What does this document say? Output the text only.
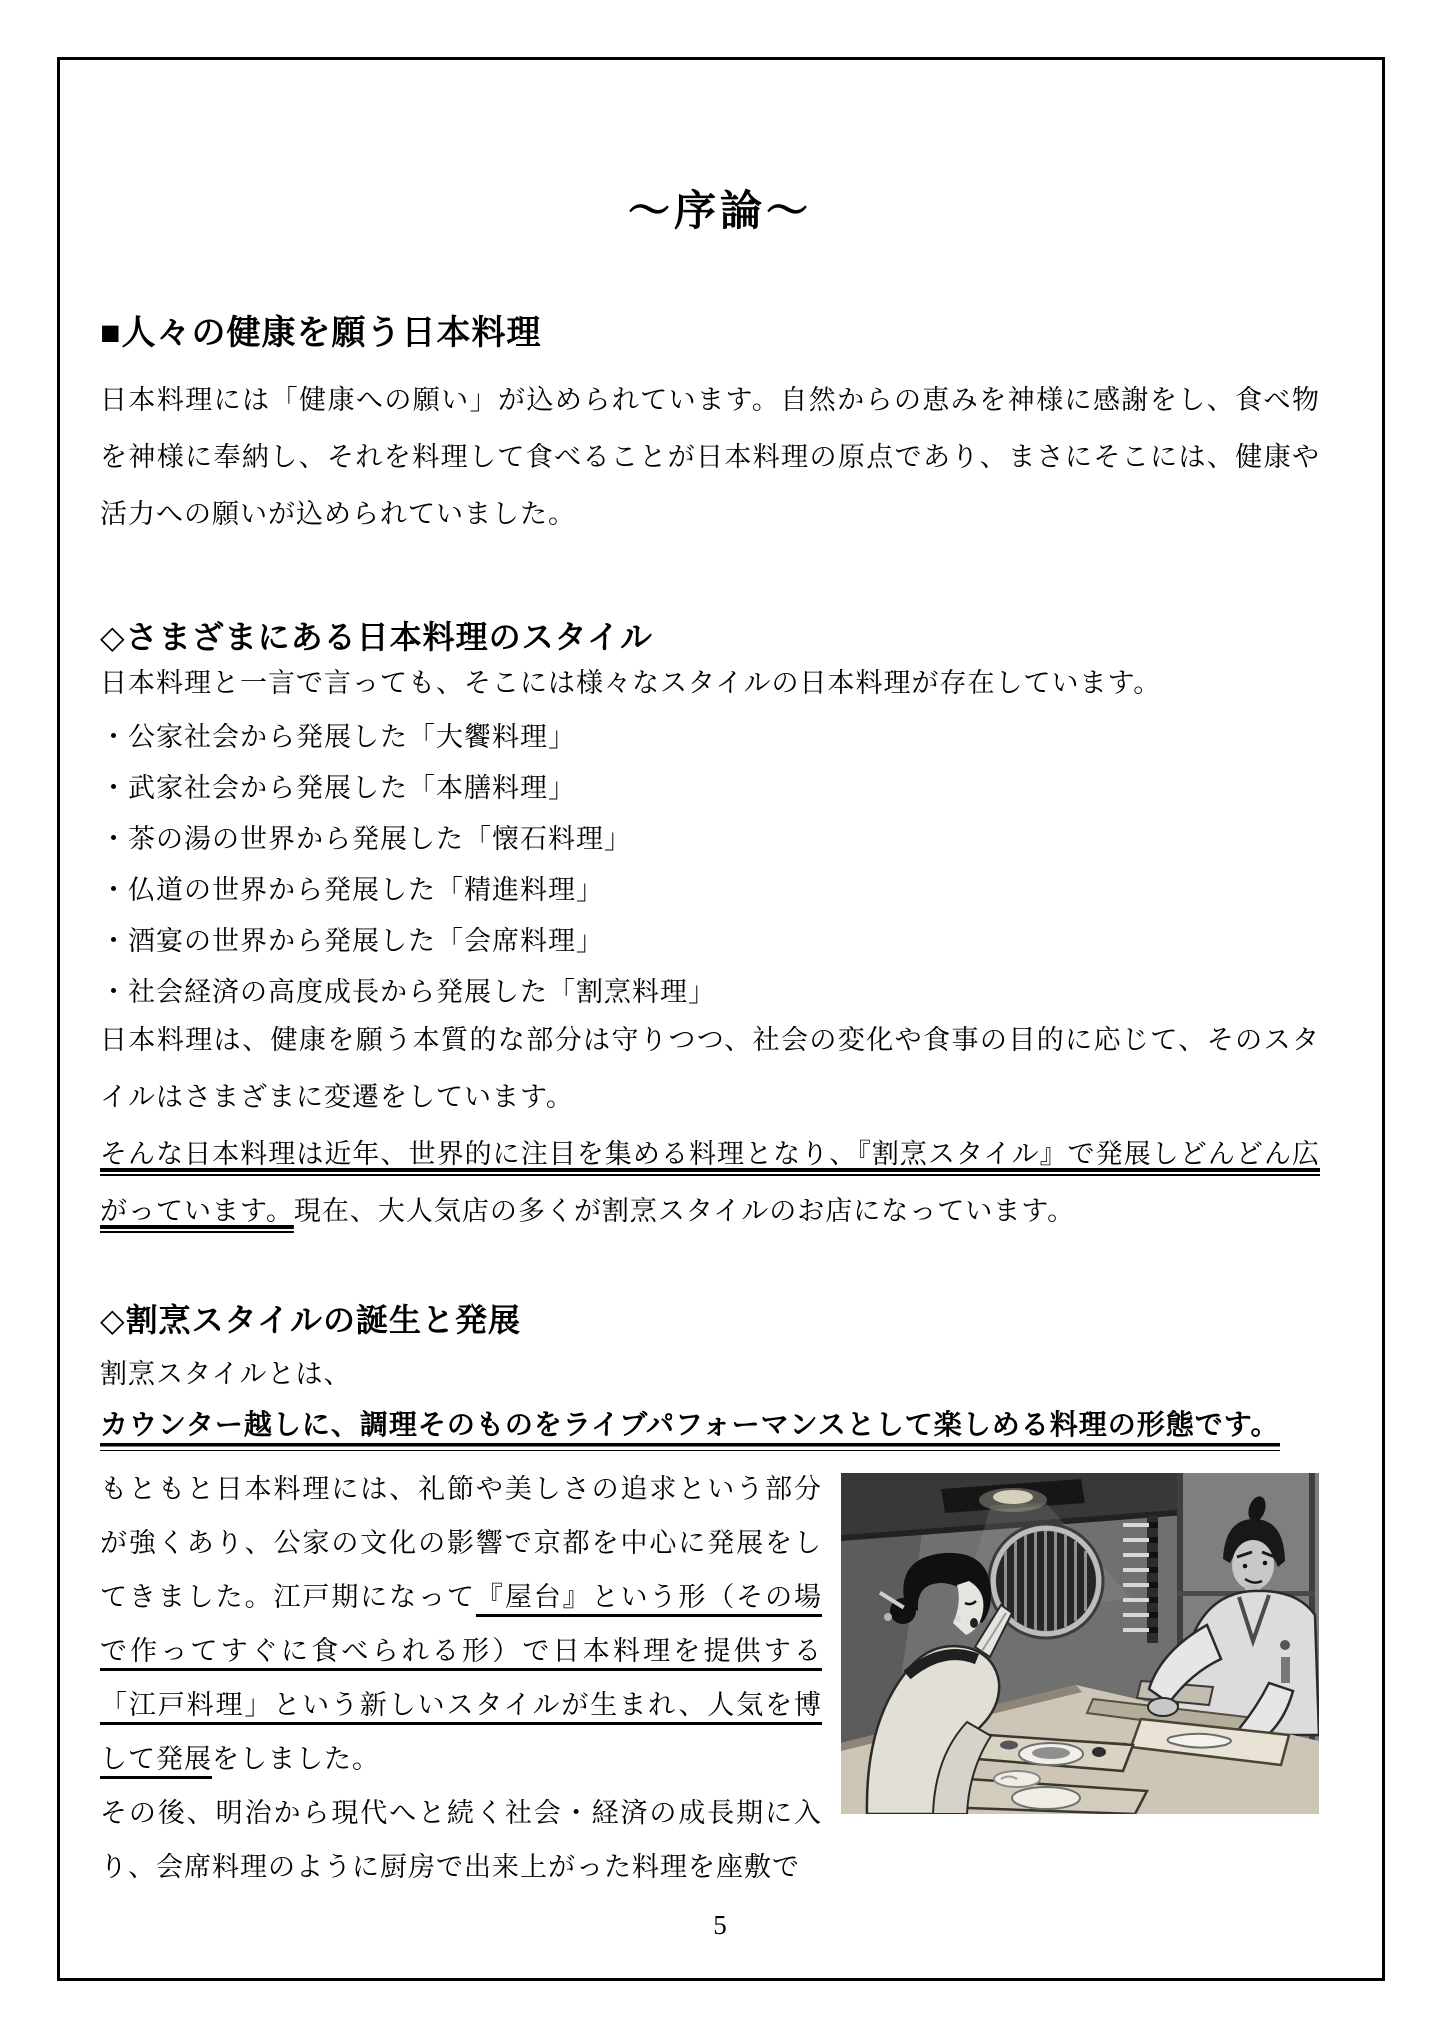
～序論～
■人々の健康を願う日本料理

日本料理には「健康への願い」が込められています。自然からの恵みを神様に感謝をし、食べ物を神様に奉納し、それを料理して食べることが日本料理の原点であり、まさにそこには、健康や活力への願いが込められていました。

◇さまざまにある日本料理のスタイル

日本料理と一言で言っても、そこには様々なスタイルの日本料理が存在しています。

・公家社会から発展した「大饗料理」
・武家社会から発展した「本膳料理」
・茶の湯の世界から発展した「懐石料理」
・仏道の世界から発展した「精進料理」
・酒宴の世界から発展した「会席料理」
・社会経済の高度成長から発展した「割烹料理」

日本料理は、健康を願う本質的な部分は守りつつ、社会の変化や食事の目的に応じて、そのスタイルはさまざまに変遷をしています。
そんな日本料理は近年、世界的に注目を集める料理となり、『割烹スタイル』で発展しどんどん広がっています。現在、大人気店の多くが割烹スタイルのお店になっています。

◇割烹スタイルの誕生と発展

割烹スタイルとは、

カウンター越しに、調理そのものをライブパフォーマンスとして楽しめる料理の形態です。

もともと日本料理には、礼節や美しさの追求という部分が強くあり、公家の文化の影響で京都を中心に発展をしてきました。江戸期になって『屋台』という形（その場で作ってすぐに食べられる形）で日本料理を提供する「江戸料理」という新しいスタイルが生まれ、人気を博して発展をしました。
その後、明治から現代へと続く社会・経済の成長期に入り、会席料理のように厨房で出来上がった料理を座敷で

5
